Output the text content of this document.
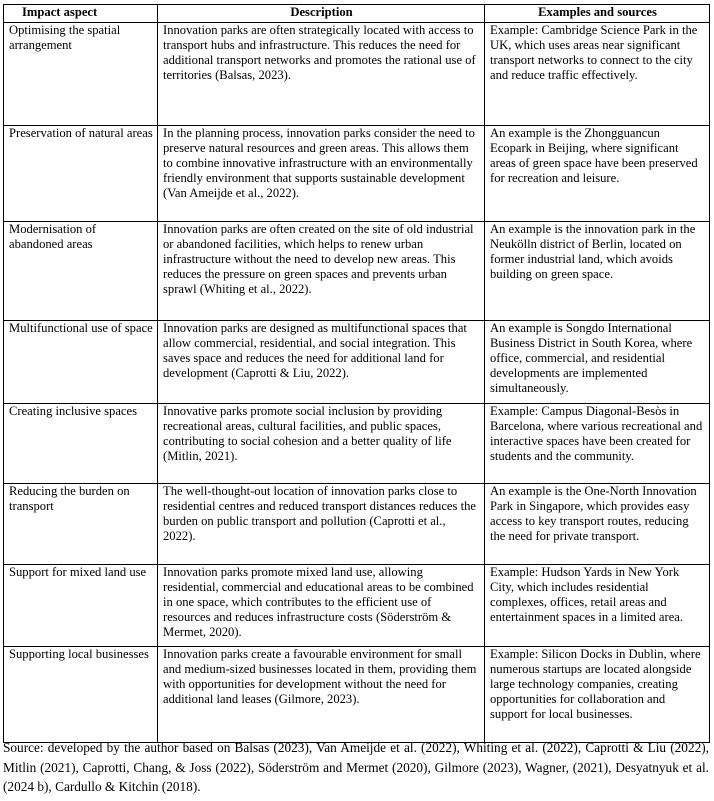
Impact aspect	Description	Examples and sources
Optimising the spatial arrangement	Innovation parks are often strategically located with access to transport hubs and infrastructure. This reduces the need for additional transport networks and promotes the rational use of territories (Balsas, 2023).	Example: Cambridge Science Park in the UK, which uses areas near significant transport networks to connect to the city and reduce traffic effectively.
Preservation of natural areas	In the planning process, innovation parks consider the need to preserve natural resources and green areas. This allows them to combine innovative infrastructure with an environmentally friendly environment that supports sustainable development (Van Ameijde et al., 2022).	An example is the Zhongguancun Ecopark in Beijing, where significant areas of green space have been preserved for recreation and leisure.
Modernisation of abandoned areas	Innovation parks are often created on the site of old industrial or abandoned facilities, which helps to renew urban infrastructure without the need to develop new areas. This reduces the pressure on green spaces and prevents urban sprawl (Whiting et al., 2022).	An example is the innovation park in the Neukölln district of Berlin, located on former industrial land, which avoids building on green space.
Multifunctional use of space	Innovation parks are designed as multifunctional spaces that allow commercial, residential, and social integration. This saves space and reduces the need for additional land for development (Caprotti & Liu, 2022).	An example is Songdo International Business District in South Korea, where office, commercial, and residential developments are implemented simultaneously.
Creating inclusive spaces	Innovative parks promote social inclusion by providing recreational areas, cultural facilities, and public spaces, contributing to social cohesion and a better quality of life (Mitlin, 2021).	Example: Campus Diagonal-Besòs in Barcelona, where various recreational and interactive spaces have been created for students and the community.
Reducing the burden on transport	The well-thought-out location of innovation parks close to residential centres and reduced transport distances reduces the burden on public transport and pollution (Caprotti et al., 2022).	An example is the One-North Innovation Park in Singapore, which provides easy access to key transport routes, reducing the need for private transport.
Support for mixed land use	Innovation parks promote mixed land use, allowing residential, commercial and educational areas to be combined in one space, which contributes to the efficient use of resources and reduces infrastructure costs (Söderström & Mermet, 2020).	Example: Hudson Yards in New York City, which includes residential complexes, offices, retail areas and entertainment spaces in a limited area.
Supporting local businesses	Innovation parks create a favourable environment for small and medium-sized businesses located in them, providing them with opportunities for development without the need for additional land leases (Gilmore, 2023).	Example: Silicon Docks in Dublin, where numerous startups are located alongside large technology companies, creating opportunities for collaboration and support for local businesses.
Source: developed by the author based on Balsas (2023), Van Ameijde et al. (2022), Whiting et al. (2022), Caprotti & Liu (2022), Mitlin (2021), Caprotti, Chang, & Joss (2022), Söderström and Mermet (2020), Gilmore (2023), Wagner, (2021), Desyatnyuk et al. (2024 b), Cardullo & Kitchin (2018).
